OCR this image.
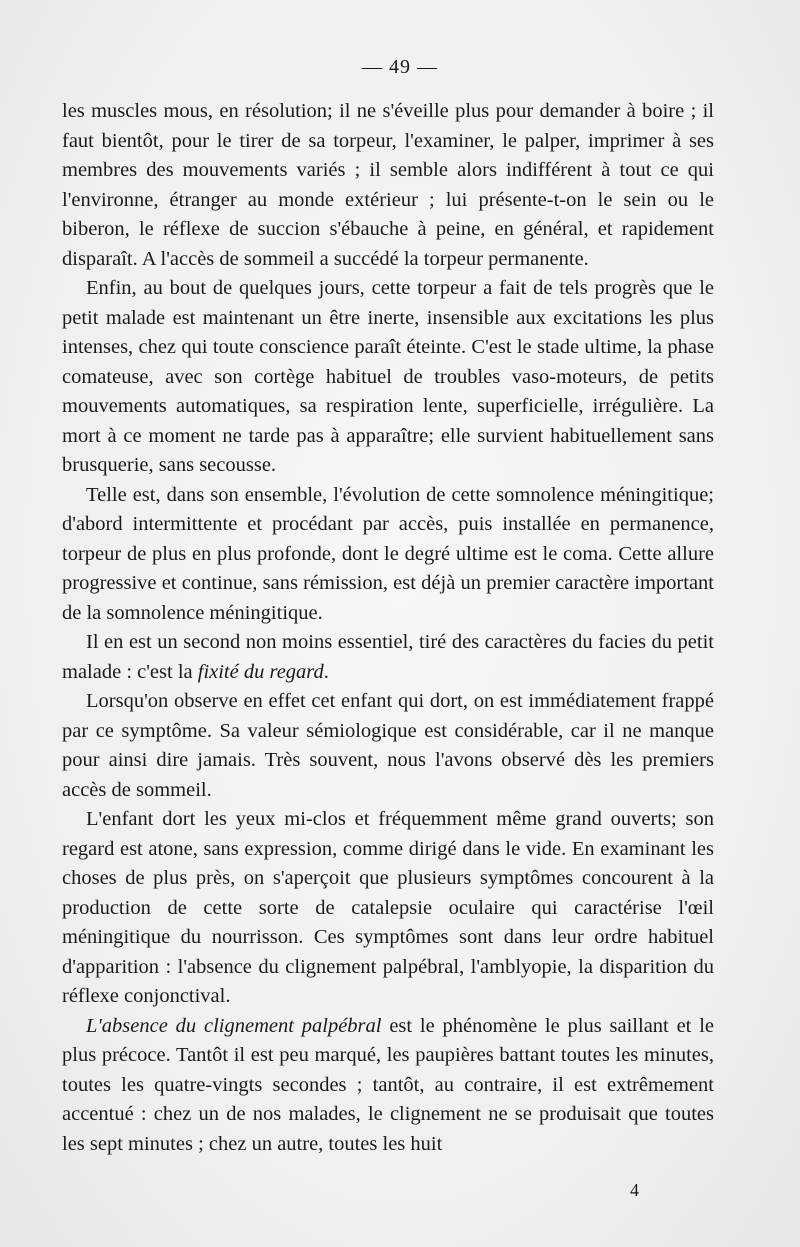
— 49 —

les muscles mous, en résolution; il ne s'éveille plus pour demander à boire ; il faut bientôt, pour le tirer de sa torpeur, l'examiner, le palper, imprimer à ses membres des mouvements variés ; il semble alors indifférent à tout ce qui l'environne, étranger au monde extérieur ; lui présente-t-on le sein ou le biberon, le réflexe de succion s'ébauche à peine, en général, et rapidement disparaît. A l'accès de sommeil a succédé la torpeur permanente.

Enfin, au bout de quelques jours, cette torpeur a fait de tels progrès que le petit malade est maintenant un être inerte, insensible aux excitations les plus intenses, chez qui toute conscience paraît éteinte. C'est le stade ultime, la phase comateuse, avec son cortège habituel de troubles vaso-moteurs, de petits mouvements automatiques, sa respiration lente, superficielle, irrégulière. La mort à ce moment ne tarde pas à apparaître; elle survient habituellement sans brusquerie, sans secousse.

Telle est, dans son ensemble, l'évolution de cette somnolence méningitique; d'abord intermittente et procédant par accès, puis installée en permanence, torpeur de plus en plus profonde, dont le degré ultime est le coma. Cette allure progressive et continue, sans rémission, est déjà un premier caractère important de la somnolence méningitique.

Il en est un second non moins essentiel, tiré des caractères du facies du petit malade : c'est la fixité du regard.

Lorsqu'on observe en effet cet enfant qui dort, on est immédiatement frappé par ce symptôme. Sa valeur sémiologique est considérable, car il ne manque pour ainsi dire jamais. Très souvent, nous l'avons observé dès les premiers accès de sommeil.

L'enfant dort les yeux mi-clos et fréquemment même grand ouverts; son regard est atone, sans expression, comme dirigé dans le vide. En examinant les choses de plus près, on s'aperçoit que plusieurs symptômes concourent à la production de cette sorte de catalepsie oculaire qui caractérise l'œil méningitique du nourrisson. Ces symptômes sont dans leur ordre habituel d'apparition : l'absence du clignement palpébral, l'amblyopie, la disparition du réflexe conjonctival.

L'absence du clignement palpébral est le phénomène le plus saillant et le plus précoce. Tantôt il est peu marqué, les paupières battant toutes les minutes, toutes les quatre-vingts secondes ; tantôt, au contraire, il est extrêmement accentué : chez un de nos malades, le clignement ne se produisait que toutes les sept minutes ; chez un autre, toutes les huit

4
